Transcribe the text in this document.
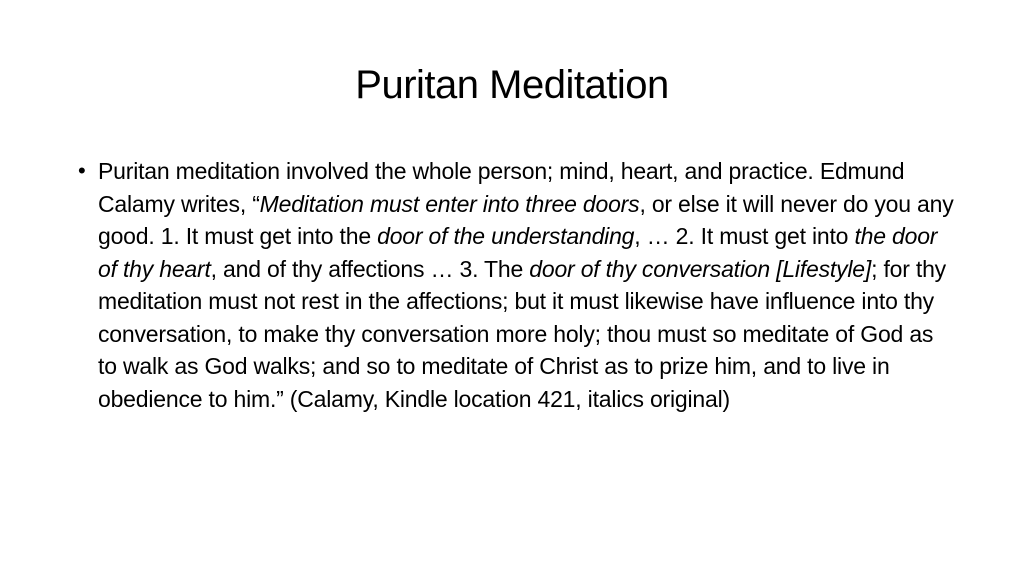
Puritan Meditation
• Puritan meditation involved the whole person; mind, heart, and practice. Edmund Calamy writes, “Meditation must enter into three doors, or else it will never do you any good. 1. It must get into the door of the understanding, … 2. It must get into the door of thy heart, and of thy affections … 3. The door of thy conversation [Lifestyle]; for thy meditation must not rest in the affections; but it must likewise have influence into thy conversation, to make thy conversation more holy; thou must so meditate of God as to walk as God walks; and so to meditate of Christ as to prize him, and to live in obedience to him.” (Calamy, Kindle location 421, italics original)
